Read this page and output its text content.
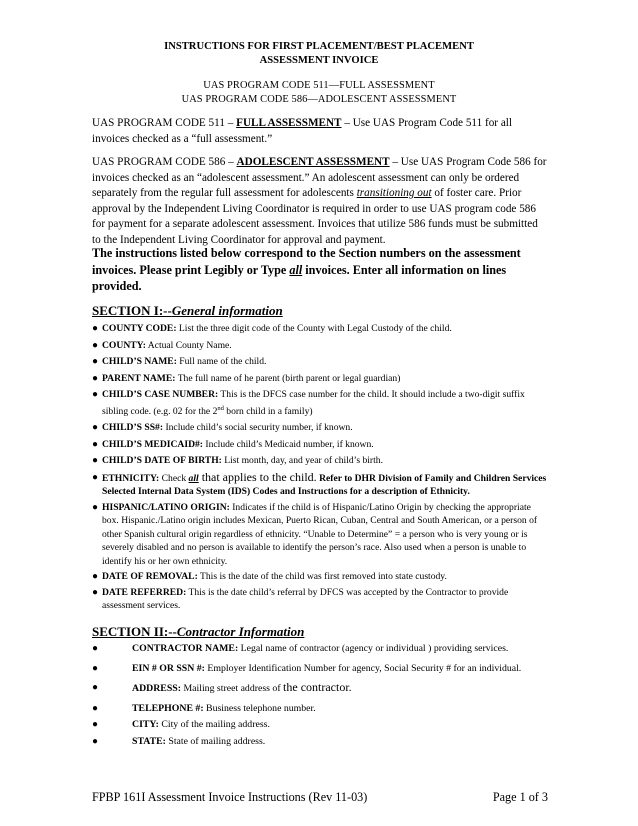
INSTRUCTIONS FOR FIRST PLACEMENT/BEST PLACEMENT
ASSESSMENT INVOICE
UAS PROGRAM CODE 511—FULL ASSESSMENT
UAS PROGRAM CODE 586—ADOLESCENT ASSESSMENT

UAS PROGRAM CODE 511 – FULL ASSESSMENT – Use UAS Program Code 511 for all invoices checked as a “full assessment.”

UAS PROGRAM CODE 586 – ADOLESCENT ASSESSMENT – Use UAS Program Code 586 for invoices checked as an “adolescent assessment.” An adolescent assessment can only be ordered separately from the regular full assessment for adolescents transitioning out of foster care. Prior approval by the Independent Living Coordinator is required in order to use UAS program code 586 for payment for a separate adolescent assessment. Invoices that utilize 586 funds must be submitted to the Independent Living Coordinator for approval and payment.

The instructions listed below correspond to the Section numbers on the assessment invoices. Please print Legibly or Type all invoices. Enter all information on lines provided.

SECTION I:--General information
● COUNTY CODE: List the three digit code of the County with Legal Custody of the child.
● COUNTY: Actual County Name.
● CHILD’S NAME: Full name of the child.
● PARENT NAME: The full name of he parent (birth parent or legal guardian)
● CHILD’S CASE NUMBER: This is the DFCS case number for the child. It should include a two-digit suffix sibling code. (e.g. 02 for the 2nd born child in a family)
● CHILD’S SS#: Include child’s social security number, if known.
● CHILD’S MEDICAID#: Include child’s Medicaid number, if known.
● CHILD’S DATE OF BIRTH: List month, day, and year of child’s birth.
● ETHNICITY: Check all that applies to the child. Refer to DHR Division of Family and Children Services Selected Internal Data System (IDS) Codes and Instructions for a description of Ethnicity.
● HISPANIC/LATINO ORIGIN: Indicates if the child is of Hispanic/Latino Origin by checking the appropriate box. Hispanic./Latino origin includes Mexican, Puerto Rican, Cuban, Central and South American, or a person of other Spanish cultural origin regardless of ethnicity. “Unable to Determine” = a person who is very young or is severely disabled and no person is available to identify the person’s race. Also used when a person is unable to identify his or her own ethnicity.
● DATE OF REMOVAL: This is the date of the child was first removed into state custody.
● DATE REFERRED: This is the date child’s referral by DFCS was accepted by the Contractor to provide assessment services.
SECTION II:--Contractor Information
●	CONTRACTOR NAME: Legal name of contractor (agency or individual ) providing services.
●	EIN # OR SSN #: Employer Identification Number for agency, Social Security # for an individual.
●	ADDRESS: Mailing street address of the contractor.
●	TELEPHONE #: Business telephone number.
●	CITY: City of the mailing address.
●	STATE: State of mailing address.
FPBP 161I Assessment Invoice Instructions (Rev 11-03)	Page 1 of 3
